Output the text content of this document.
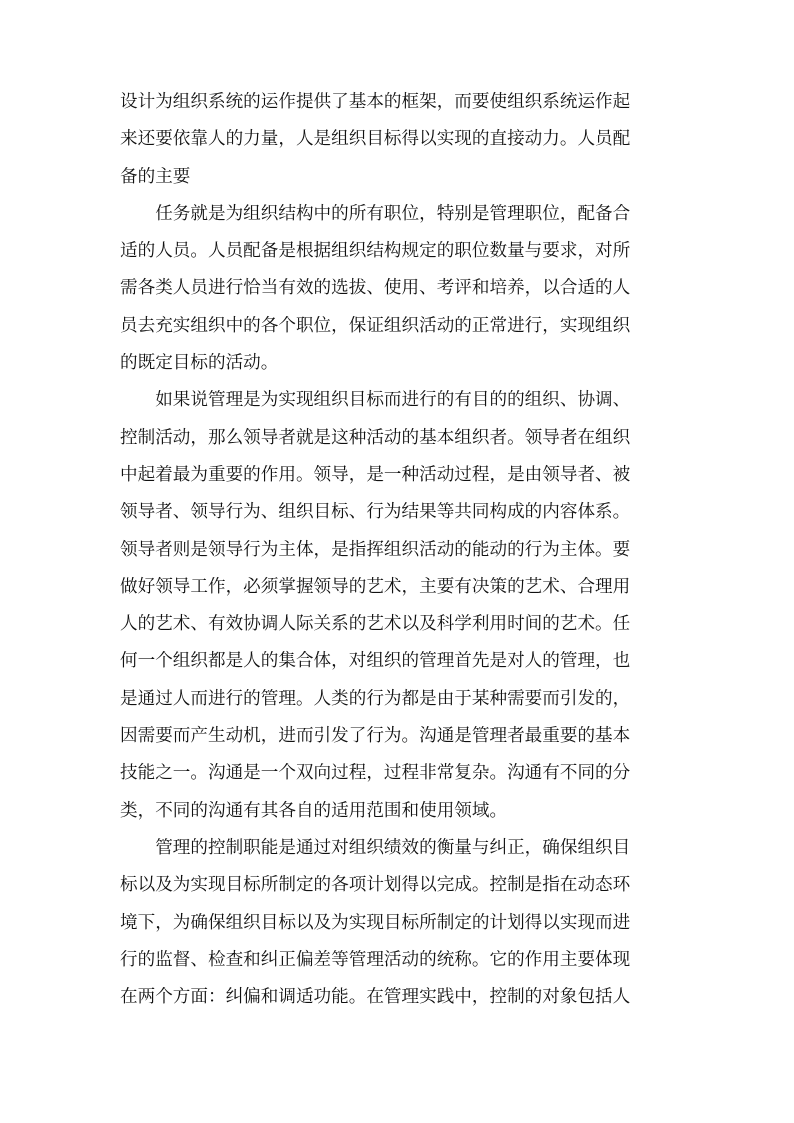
设计为组织系统的运作提供了基本的框架，而要使组织系统运作起
来还要依靠人的力量，人是组织目标得以实现的直接动力。人员配
备的主要

任务就是为组织结构中的所有职位，特别是管理职位，配备合
适的人员。人员配备是根据组织结构规定的职位数量与要求，对所
需各类人员进行恰当有效的选拔、使用、考评和培养，以合适的人
员去充实组织中的各个职位，保证组织活动的正常进行，实现组织
的既定目标的活动。

如果说管理是为实现组织目标而进行的有目的的组织、协调、
控制活动，那么领导者就是这种活动的基本组织者。领导者在组织
中起着最为重要的作用。领导，是一种活动过程，是由领导者、被
领导者、领导行为、组织目标、行为结果等共同构成的内容体系。
领导者则是领导行为主体，是指挥组织活动的能动的行为主体。要
做好领导工作，必须掌握领导的艺术，主要有决策的艺术、合理用
人的艺术、有效协调人际关系的艺术以及科学利用时间的艺术。任
何一个组织都是人的集合体，对组织的管理首先是对人的管理，也
是通过人而进行的管理。人类的行为都是由于某种需要而引发的，
因需要而产生动机，进而引发了行为。沟通是管理者最重要的基本
技能之一。沟通是一个双向过程，过程非常复杂。沟通有不同的分
类，不同的沟通有其各自的适用范围和使用领域。

管理的控制职能是通过对组织绩效的衡量与纠正，确保组织目
标以及为实现目标所制定的各项计划得以完成。控制是指在动态环
境下，为确保组织目标以及为实现目标所制定的计划得以实现而进
行的监督、检查和纠正偏差等管理活动的统称。它的作用主要体现
在两个方面：纠偏和调适功能。在管理实践中，控制的对象包括人
